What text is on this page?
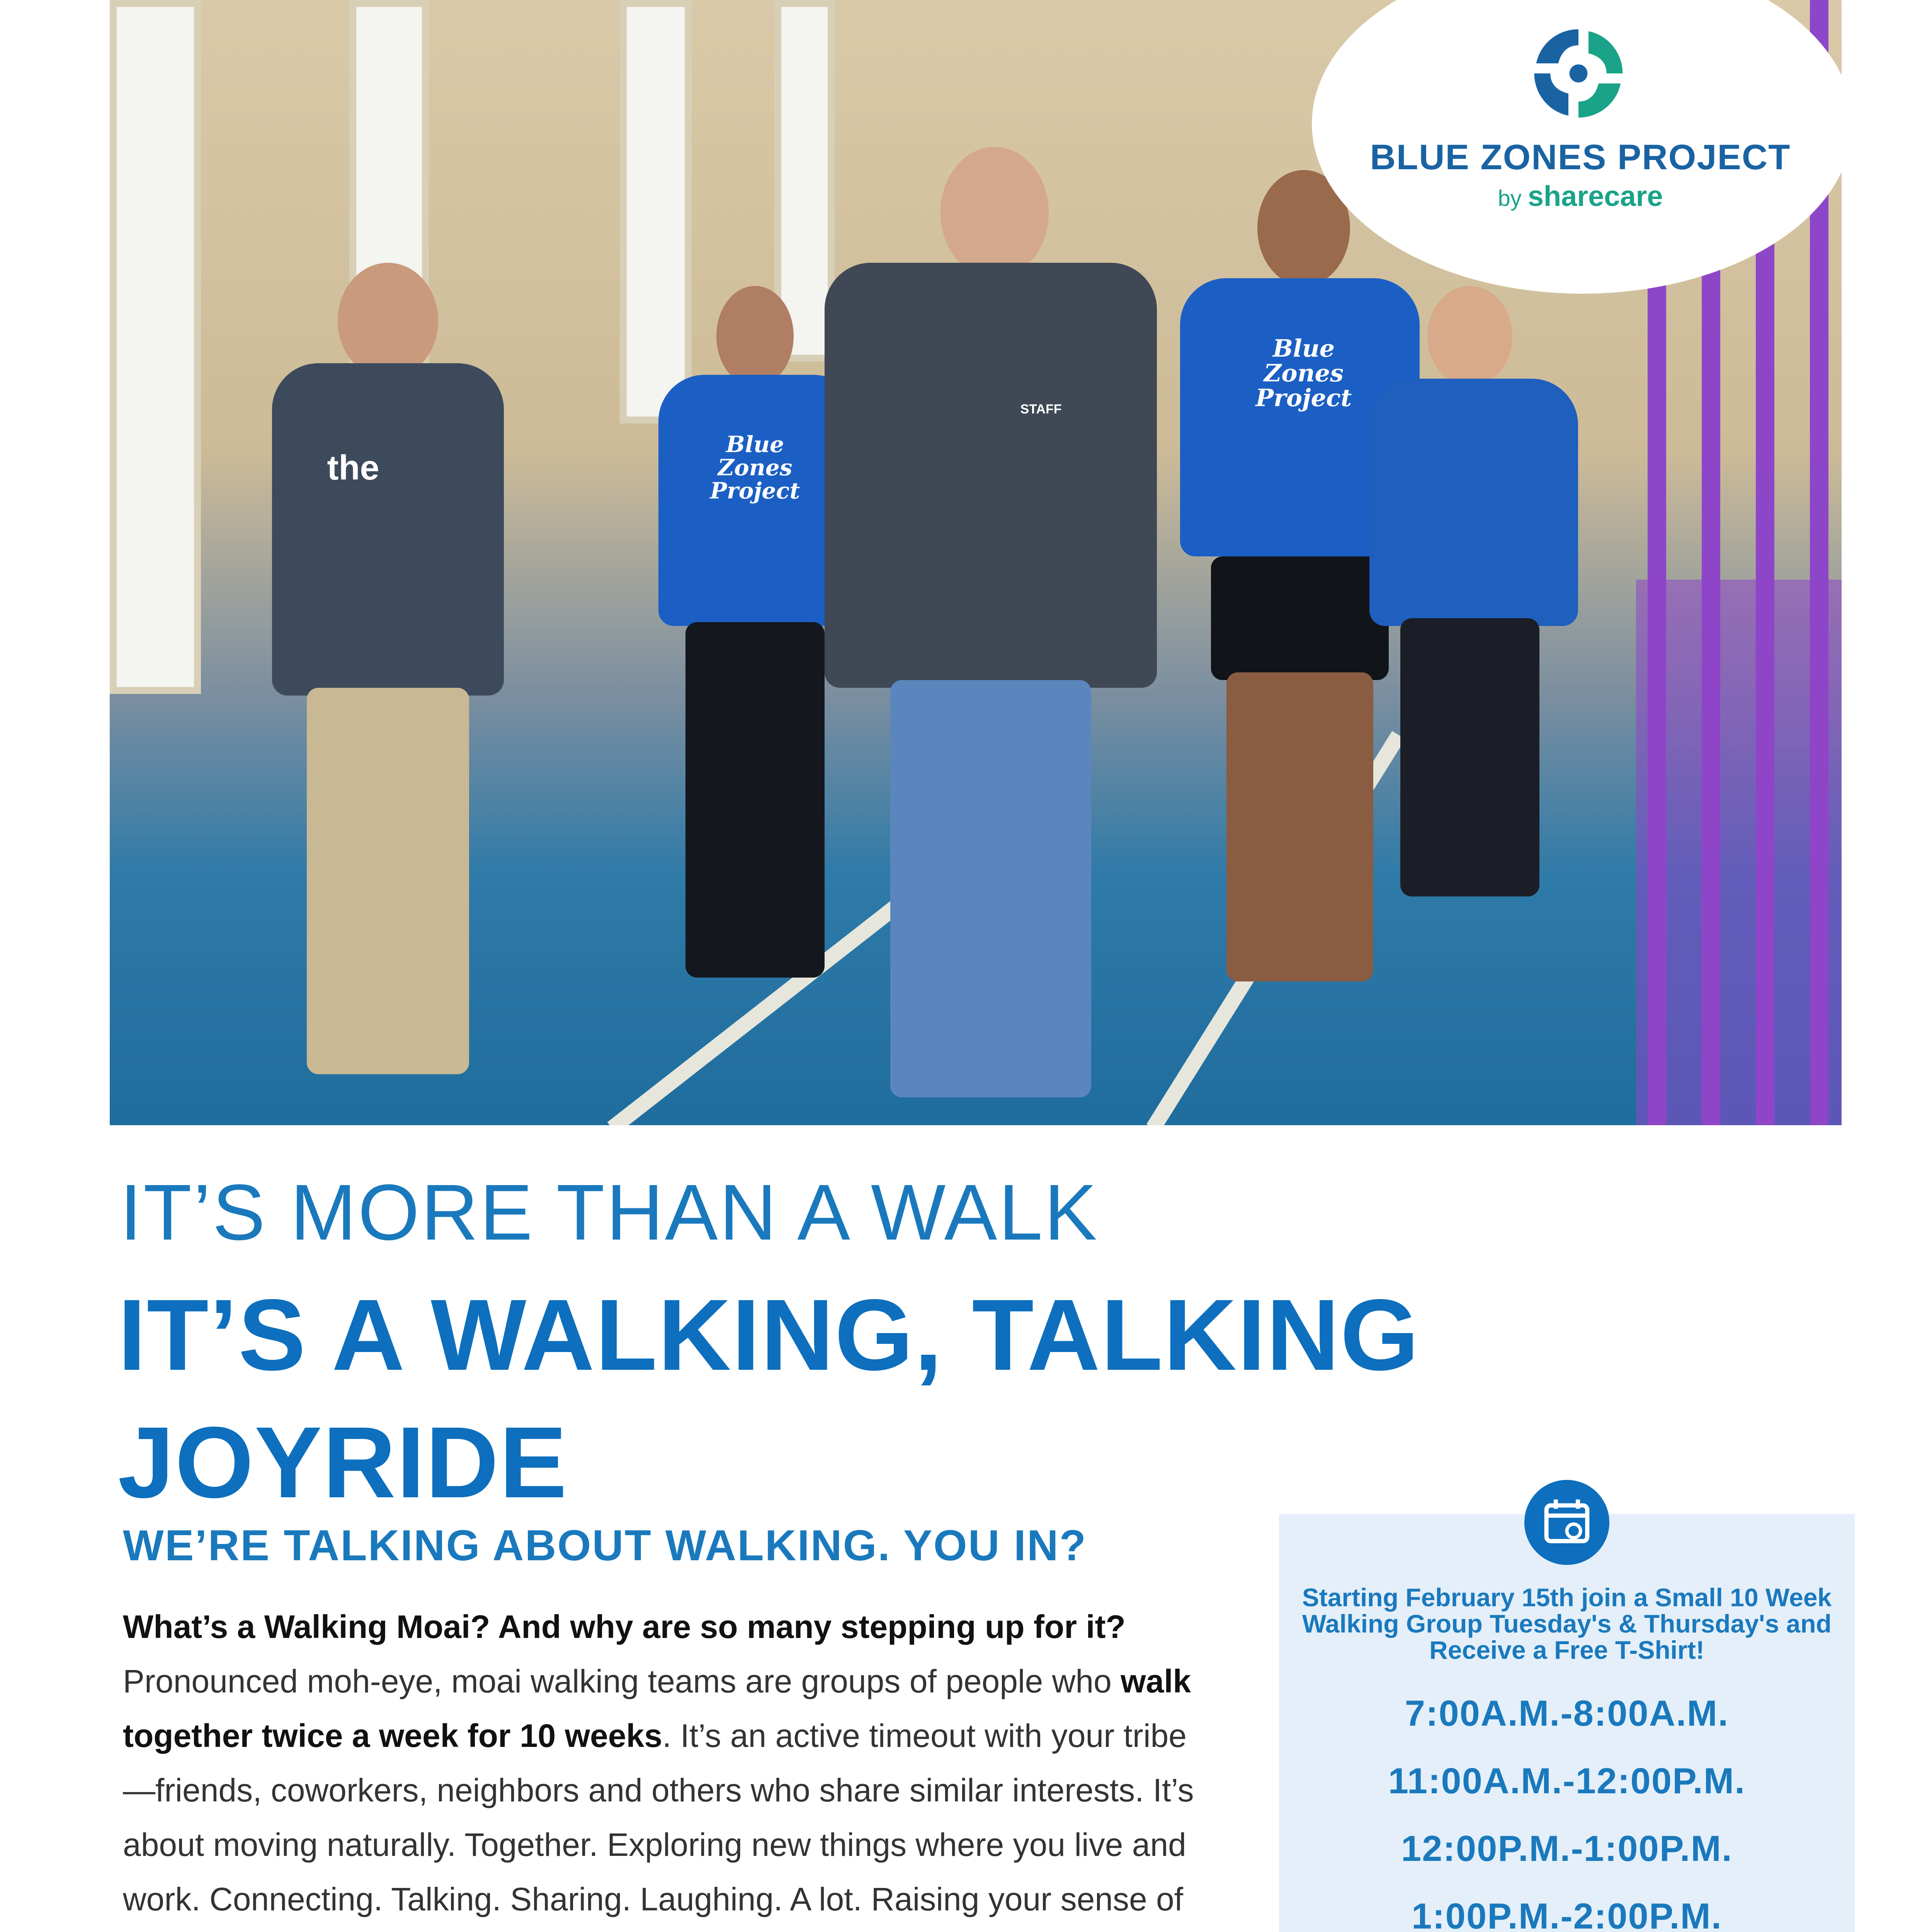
the
Blue Zones Project
STAFF
Blue Zones Project
BLUE ZONES PROJECT
by sharecare
IT’S MORE THAN A WALK
IT’S A WALKING, TALKING JOYRIDE
WE’RE TALKING ABOUT WALKING. YOU IN?
What’s a Walking Moai? And why are so many stepping up for it?
Pronounced moh-eye, moai walking teams are groups of people who walk together twice a week for 10 weeks. It’s an active timeout with your tribe—friends, coworkers, neighbors and others who share similar interests. It’s about moving naturally. Together. Exploring new things where you live and work. Connecting. Talking. Sharing. Laughing. A lot. Raising your sense of
Starting February 15th join a Small 10 Week Walking Group Tuesday's & Thursday's and Receive a Free T-Shirt!
7:00A.M.-8:00A.M.
11:00A.M.-12:00P.M.
12:00P.M.-1:00P.M.
1:00P.M.-2:00P.M.
